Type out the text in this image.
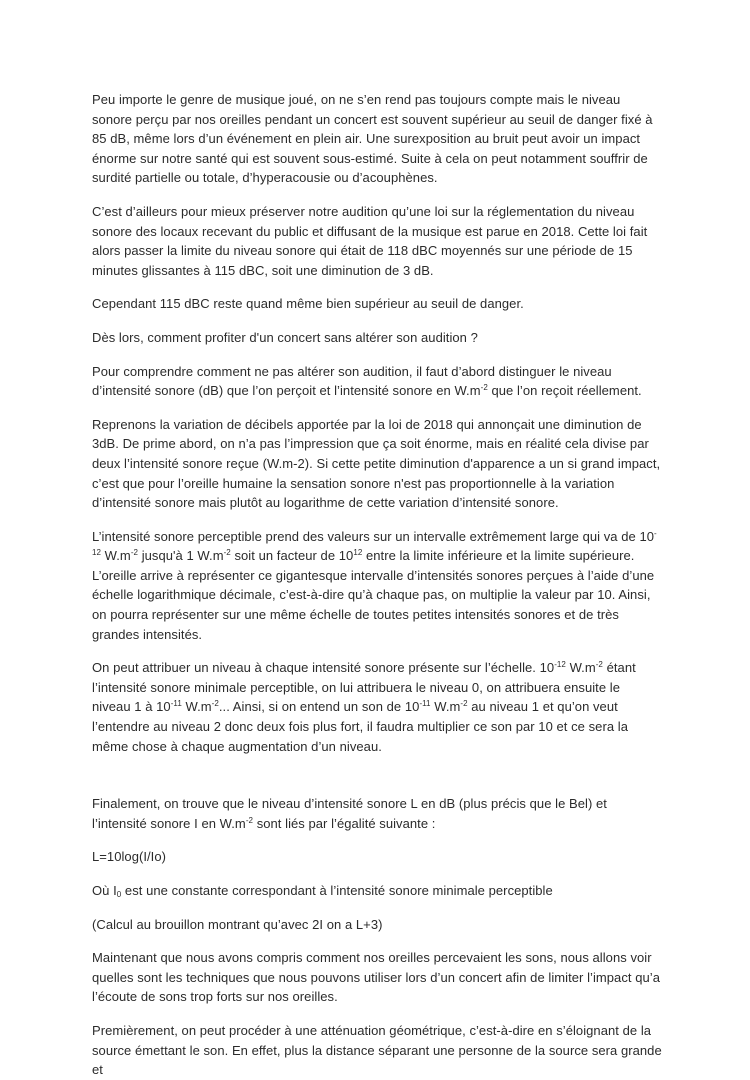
Peu importe le genre de musique joué, on ne s’en rend pas toujours compte mais le niveau sonore perçu par nos oreilles pendant un concert est souvent supérieur au seuil de danger fixé à 85 dB, même lors d’un événement en plein air. Une surexposition au bruit peut avoir un impact énorme sur notre santé qui est souvent sous-estimé. Suite à cela on peut notamment souffrir de surdité partielle ou totale, d’hyperacousie ou d’acouphènes.

C’est d’ailleurs pour mieux préserver notre audition qu’une loi sur la réglementation du niveau sonore des locaux recevant du public et diffusant de la musique est parue en 2018. Cette loi fait alors passer la limite du niveau sonore qui était de 118 dBC moyennés sur une période de 15 minutes glissantes à 115 dBC, soit une diminution de 3 dB.

Cependant 115 dBC reste quand même bien supérieur au seuil de danger.

Dès lors, comment profiter d'un concert sans altérer son audition ?

Pour comprendre comment ne pas altérer son audition, il faut d’abord distinguer le niveau d’intensité sonore (dB) que l’on perçoit et l’intensité sonore en $W.m^{-2}$ que l’on reçoit réellement.

Reprenons la variation de décibels apportée par la loi de 2018 qui annonçait une diminution de 3dB. De prime abord, on n’a pas l’impression que ça soit énorme, mais en réalité cela divise par deux l’intensité sonore reçue (W.m-2). Si cette petite diminution d'apparence a un si grand impact, c’est que pour l’oreille humaine la sensation sonore n'est pas proportionnelle à la variation d’intensité sonore mais plutôt au logarithme de cette variation d’intensité sonore.

L’intensité sonore perceptible prend des valeurs sur un intervalle extrêmement large qui va de $10^{-12}$ $W.m^{-2}$ jusqu'à 1 $W.m^{-2}$ soit un facteur de $10^{12}$ entre la limite inférieure et la limite supérieure. L’oreille arrive à représenter ce gigantesque intervalle d’intensités sonores perçues à l’aide d’une échelle logarithmique décimale, c’est-à-dire qu’à chaque pas, on multiplie la valeur par 10. Ainsi, on pourra représenter sur une même échelle de toutes petites intensités sonores et de très grandes intensités.

On peut attribuer un niveau à chaque intensité sonore présente sur l’échelle. $10^{-12}$ $W.m^{-2}$ étant l’intensité sonore minimale perceptible, on lui attribuera le niveau 0, on attribuera ensuite le niveau 1 à $10^{-11}$ $W.m^{-2}$... Ainsi, si on entend un son de $10^{-11}$ $W.m^{-2}$ au niveau 1 et qu’on veut l’entendre au niveau 2 donc deux fois plus fort, il faudra multiplier ce son par 10 et ce sera la même chose à chaque augmentation d’un niveau.

Finalement, on trouve que le niveau d’intensité sonore L en dB (plus précis que le Bel) et l’intensité sonore I en $W.m^{-2}$ sont liés par l’égalité suivante :

L=10log(I/Io)

Où $I_0$ est une constante correspondant à l’intensité sonore minimale perceptible

(Calcul au brouillon montrant qu’avec 2I on a L+3)

Maintenant que nous avons compris comment nos oreilles percevaient les sons, nous allons voir quelles sont les techniques que nous pouvons utiliser lors d’un concert afin de limiter l’impact qu’a l’écoute de sons trop forts sur nos oreilles.

Premièrement, on peut procéder à une atténuation géométrique, c’est-à-dire en s’éloignant de la source émettant le son. En effet, plus la distance séparant une personne de la source sera grande et
